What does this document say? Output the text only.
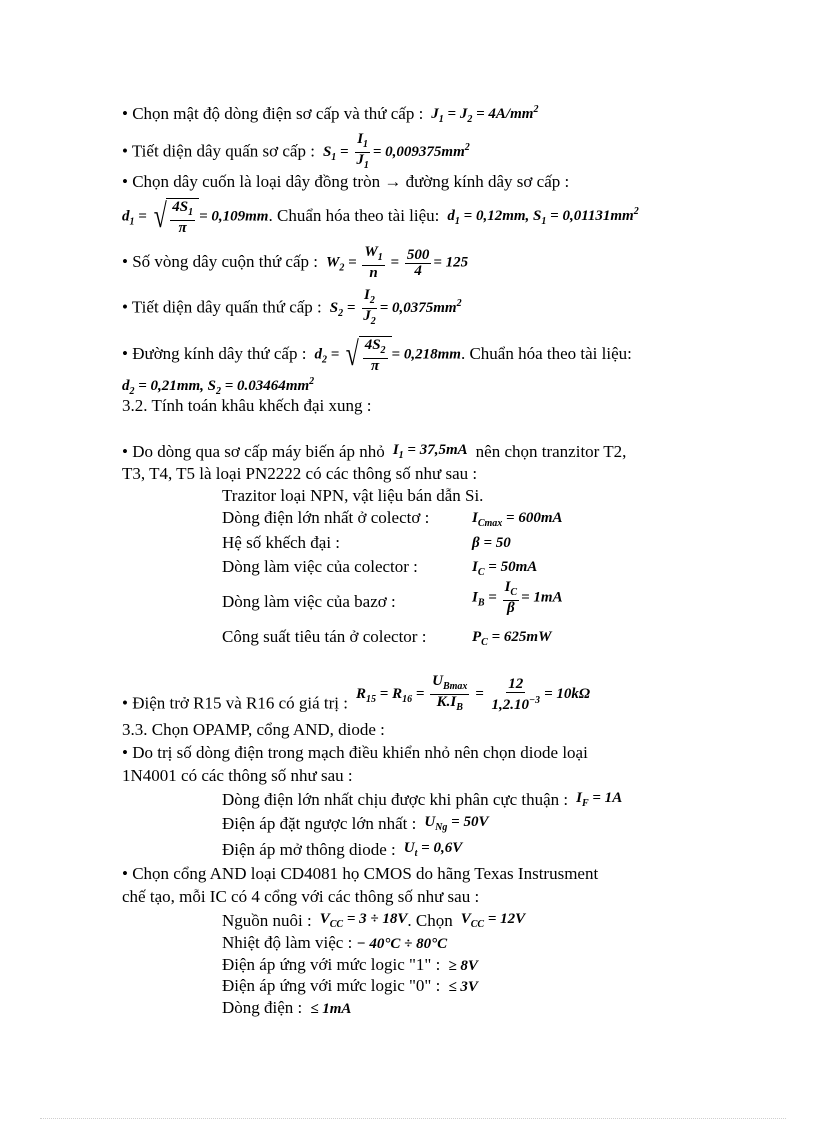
• Chọn mật độ dòng điện sơ cấp và thứ cấp :  $J_1 = J_2 = 4A/mm^2$
• Tiết diện dây quấn sơ cấp :  $S_1 = \frac{I_1}{J_1} = 0,009375mm^2$
• Chọn dây cuốn là loại dây đồng tròn → đường kính dây sơ cấp :
$d_1$ = √ $\frac{4S_1}{\pi} = 0,109mm$. Chuẩn hóa theo tài liệu:  $d_1 = 0,12mm$, $S_1 = 0,01131mm^2$
• Số vòng dây cuộn thứ cấp :  $W_2 = \frac{W_1}{n} = \frac{500}{4} = 125$
• Tiết diện dây quấn thứ cấp :  $S_2 = \frac{I_2}{J_2} = 0,0375mm^2$
• Đường kính dây thứ cấp :  $d_2$ = √ $\frac{4S_2}{\pi} = 0,218mm$. Chuẩn hóa theo tài liệu:
$d_2 = 0,21mm$, $S_2 = 0.03464mm^2$
3.2. Tính toán khâu khếch đại xung :
• Do dòng qua sơ cấp máy biến áp nhỏ  $I_1 = 37,5mA$  nên chọn tranzitor T2,
T3, T4, T5 là loại PN2222 có các thông số như sau :
Trazitor loại NPN, vật liệu bán dẫn Si.
Dòng điện lớn nhất ở colectơ :	$I_{Cmax} = 600mA$
Hệ số khếch đại :	β = 50
Dòng làm việc của colector :	$I_C = 50mA$
Dòng làm việc của bazơ :	$I_B = \frac{I_C}{\beta} = 1mA$
Công suất tiêu tán ở colector :	$P_C = 625mW$
• Điện trở R15 và R16 có giá trị :  $R_{15} = R_{16} = \frac{U_{Bmax}}{K.I_B} = \frac{12}{1,2.10^{-3}} = 10k\Omega$
3.3. Chọn OPAMP, cổng AND, diode :
• Do trị số dòng điện trong mạch điều khiển nhỏ nên chọn diode loại
1N4001 có các thông số như sau :
Dòng điện lớn nhất chịu được khi phân cực thuận :  $I_F = 1A$
Điện áp đặt ngược lớn nhất :  $U_{Ng} = 50V$
Điện áp mở thông diode :  $U_t = 0,6V$
• Chọn cổng AND loại CD4081 họ CMOS do hãng Texas Instrusment
chế tạo, mỗi IC có 4 cổng với các thông số như sau :
Nguồn nuôi :  $V_{CC} = 3 \div 18V$. Chọn  $V_{CC} = 12V$
Nhiệt độ làm việc : − 40°C ÷ 80°C
Điện áp ứng với mức logic "1" : ≥ 8V
Điện áp ứng với mức logic "0" : ≤ 3V
Dòng điện : ≤ 1mA
